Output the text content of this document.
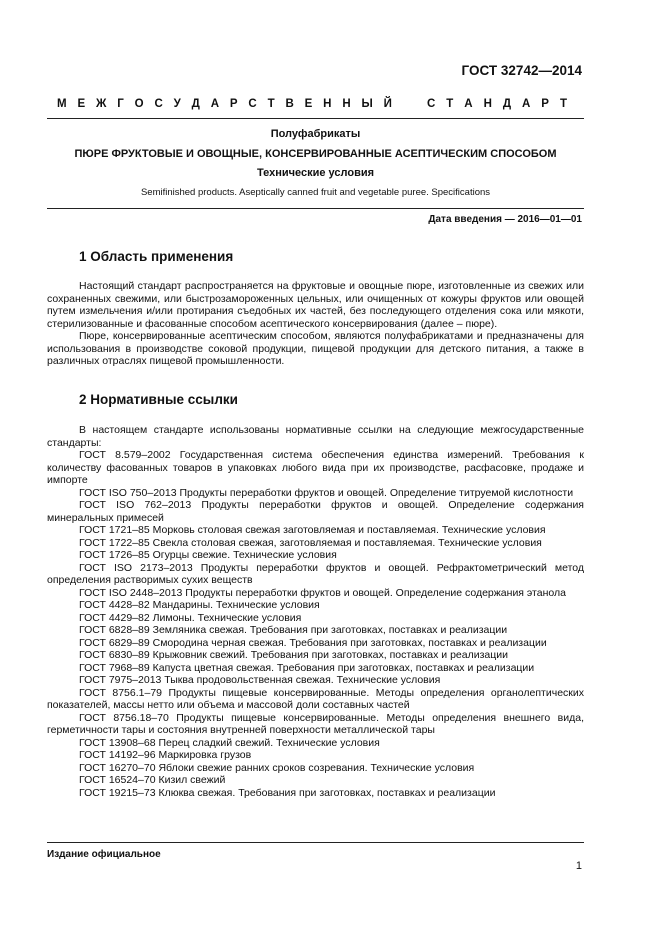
ГОСТ 32742—2014
М Е Ж Г О С У Д А Р С Т В Е Н Н Ы Й	С Т А Н Д А Р Т
Полуфабрикаты
ПЮРЕ ФРУКТОВЫЕ И ОВОЩНЫЕ, КОНСЕРВИРОВАННЫЕ АСЕПТИЧЕСКИМ СПОСОБОМ
Технические условия
Semifinished products. Aseptically canned fruit and vegetable puree. Specifications
Дата введения — 2016—01—01
1 Область применения

Настоящий стандарт распространяется на фруктовые и овощные пюре, изготовленные из свежих или сохраненных свежими, или быстрозамороженных цельных, или очищенных от кожуры фруктов или овощей путем измельчения и/или протирания съедобных их частей, без последующего отделения сока или мякоти, стерилизованные и фасованные способом асептического консервирования (далее – пюре).

Пюре, консервированные асептическим способом, являются полуфабрикатами и предназначены для использования в производстве соковой продукции, пищевой продукции для детского питания, а также в различных отраслях пищевой промышленности.

2 Нормативные ссылки

В настоящем стандарте использованы нормативные ссылки на следующие межгосударственные стандарты:

ГОСТ 8.579–2002 Государственная система обеспечения единства измерений. Требования к количеству фасованных товаров в упаковках любого вида при их производстве, расфасовке, продаже и импорте

ГОСТ ISO 750–2013 Продукты переработки фруктов и овощей. Определение титруемой кислотности

ГОСТ ISO 762–2013 Продукты переработки фруктов и овощей. Определение содержания минеральных примесей

ГОСТ 1721–85 Морковь столовая свежая заготовляемая и поставляемая. Технические условия

ГОСТ 1722–85 Свекла столовая свежая, заготовляемая и поставляемая. Технические условия

ГОСТ 1726–85 Огурцы свежие. Технические условия

ГОСТ ISO 2173–2013 Продукты переработки фруктов и овощей. Рефрактометрический метод определения растворимых сухих веществ

ГОСТ ISO 2448–2013 Продукты переработки фруктов и овощей. Определение содержания этанола

ГОСТ 4428–82 Мандарины. Технические условия

ГОСТ 4429–82 Лимоны. Технические условия

ГОСТ 6828–89 Земляника свежая. Требования при заготовках, поставках и реализации

ГОСТ 6829–89 Смородина черная свежая. Требования при заготовках, поставках и реализации

ГОСТ 6830–89 Крыжовник свежий. Требования при заготовках, поставках и реализации

ГОСТ 7968–89 Капуста цветная свежая. Требования при заготовках, поставках и реализации

ГОСТ 7975–2013 Тыква продовольственная свежая. Технические условия

ГОСТ 8756.1–79 Продукты пищевые консервированные. Методы определения органолептических показателей, массы нетто или объема и массовой доли составных частей

ГОСТ 8756.18–70 Продукты пищевые консервированные. Методы определения внешнего вида, герметичности тары и состояния внутренней поверхности металлической тары

ГОСТ 13908–68 Перец сладкий свежий. Технические условия

ГОСТ 14192–96 Маркировка грузов

ГОСТ 16270–70 Яблоки свежие ранних сроков созревания. Технические условия

ГОСТ 16524–70 Кизил свежий

ГОСТ 19215–73 Клюква свежая. Требования при заготовках, поставках и реализации

Издание официальное
1
